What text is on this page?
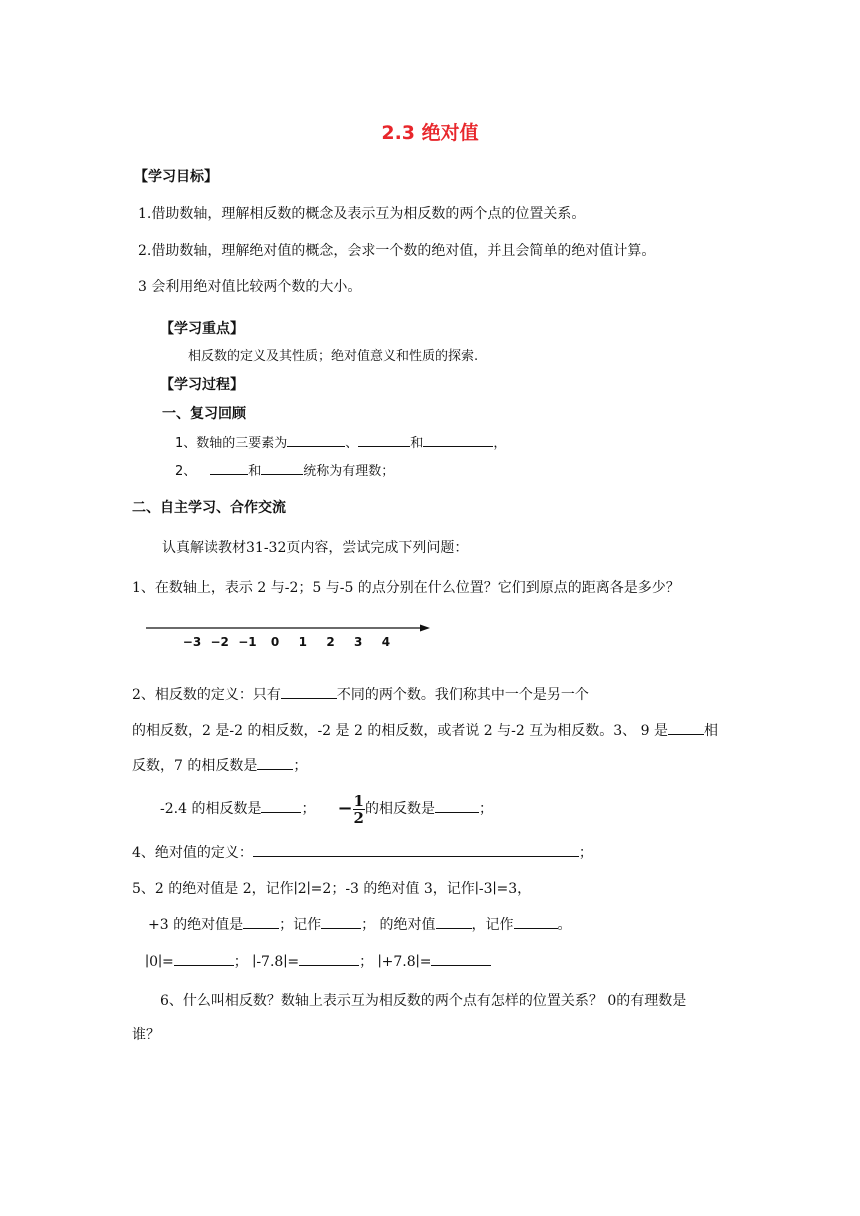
2.3 绝对值
【学习目标】
1.借助数轴，理解相反数的概念及表示互为相反数的两个点的位置关系。
2.借助数轴，理解绝对值的概念，会求一个数的绝对值，并且会简单的绝对值计算。
3 会利用绝对值比较两个数的大小。
【学习重点】
相反数的定义及其性质；绝对值意义和性质的探索.
【学习过程】
一、复习回顾
1、数轴的三要素为	、	和	，
2、	和	统称为有理数；
二、自主学习、合作交流
认真解读教材31-32页内容，尝试完成下列问题：
1、在数轴上，表示 2 与-2；5 与-5 的点分别在什么位置？它们到原点的距离各是多少？
−3 −2 −1 0 1 2 3 4
2、相反数的定义：只有	不同的两个数。我们称其中一个是另一个
的相反数，2 是-2 的相反数，-2 是 2 的相反数，或者说 2 与-2 互为相反数。3、 9 是	相
反数，7 的相反数是	；
-2.4 的相反数是	； − $\frac{1}{2}$ 的相反数是	；
4、绝对值的定义：	；
5、2 的绝对值是 2，记作∣2∣=2；-3 的绝对值 3，记作∣-3∣=3，
+3 的绝对值是	；记作	； 的绝对值	，记作	。
∣0∣=	； ∣-7.8∣=	； ∣+7.8∣=
6、什么叫相反数？数轴上表示互为相反数的两个点有怎样的位置关系？ 0的有理数是
谁？
